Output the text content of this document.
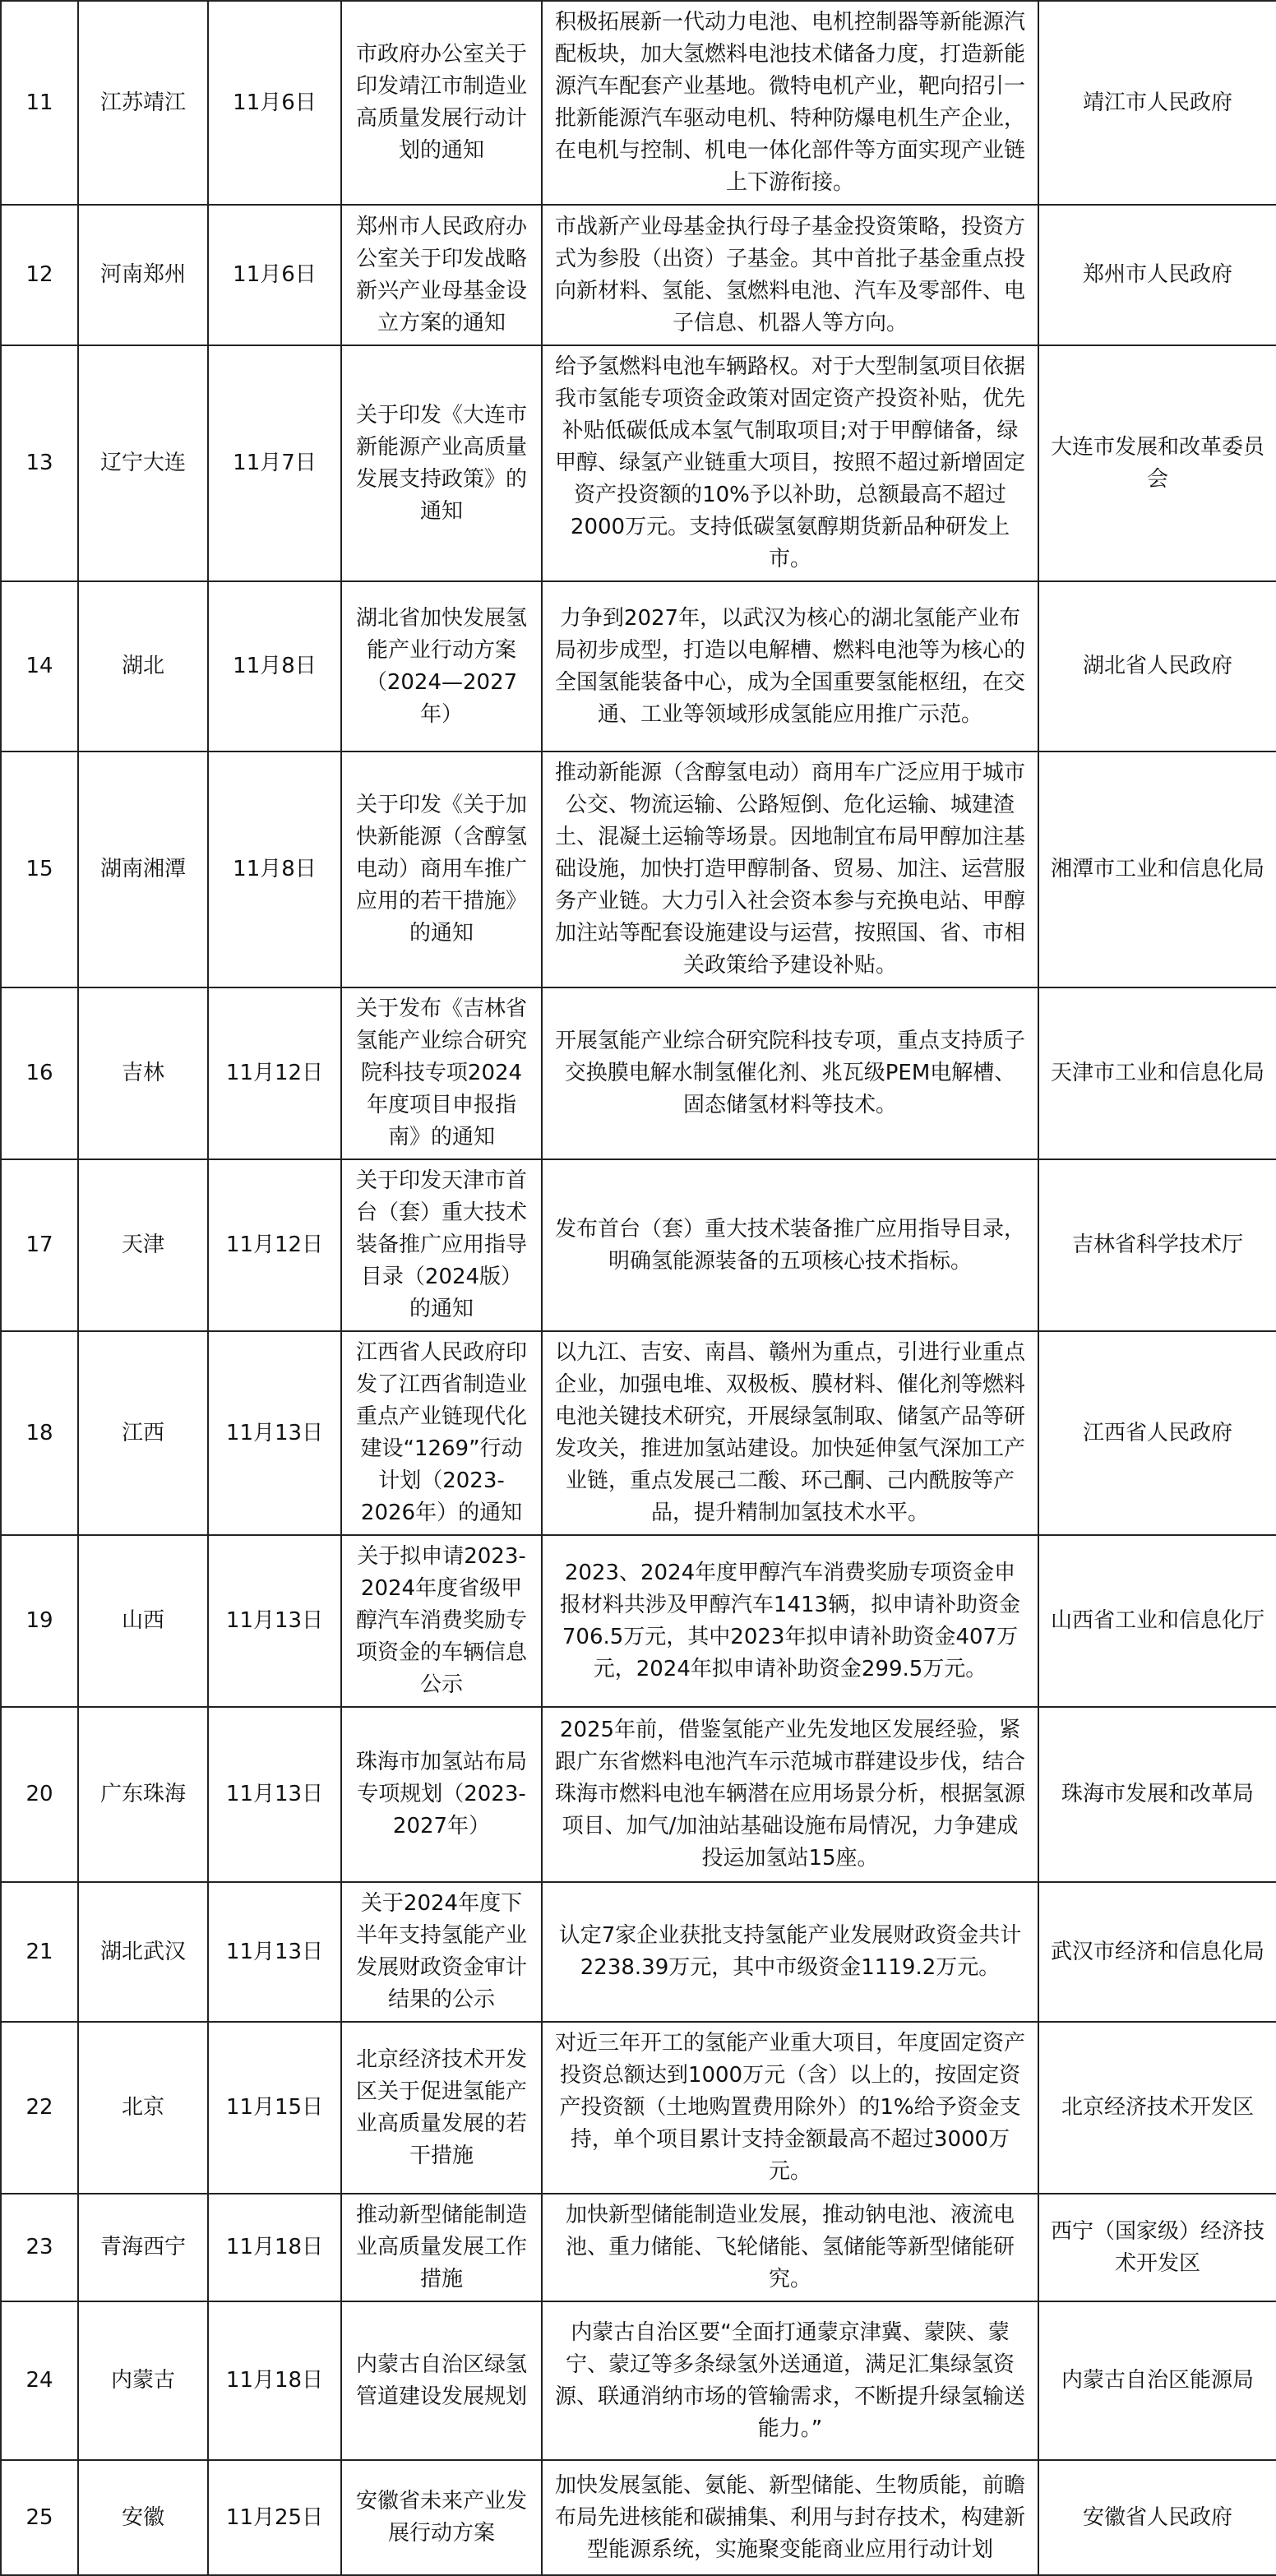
11	江苏靖江	11月6日	市政府办公室关于印发靖江市制造业高质量发展行动计划的通知	积极拓展新一代动力电池、电机控制器等新能源汽配板块，加大氢燃料电池技术储备力度，打造新能源汽车配套产业基地。微特电机产业，靶向招引一批新能源汽车驱动电机、特种防爆电机生产企业，在电机与控制、机电一体化部件等方面实现产业链上下游衔接。	靖江市人民政府
12	河南郑州	11月6日	郑州市人民政府办公室关于印发战略新兴产业母基金设立方案的通知	市战新产业母基金执行母子基金投资策略，投资方式为参股（出资）子基金。其中首批子基金重点投向新材料、氢能、氢燃料电池、汽车及零部件、电子信息、机器人等方向。	郑州市人民政府
13	辽宁大连	11月7日	关于印发《大连市新能源产业高质量发展支持政策》的通知	给予氢燃料电池车辆路权。对于大型制氢项目依据我市氢能专项资金政策对固定资产投资补贴，优先补贴低碳低成本氢气制取项目;对于甲醇储备，绿甲醇、绿氢产业链重大项目，按照不超过新增固定资产投资额的10%予以补助，总额最高不超过2000万元。支持低碳氢氨醇期货新品种研发上市。	大连市发展和改革委员会
14	湖北	11月8日	湖北省加快发展氢能产业行动方案（2024—2027年）	力争到2027年，以武汉为核心的湖北氢能产业布局初步成型，打造以电解槽、燃料电池等为核心的全国氢能装备中心，成为全国重要氢能枢纽，在交通、工业等领域形成氢能应用推广示范。	湖北省人民政府
15	湖南湘潭	11月8日	关于印发《关于加快新能源（含醇氢电动）商用车推广应用的若干措施》的通知	推动新能源（含醇氢电动）商用车广泛应用于城市公交、物流运输、公路短倒、危化运输、城建渣土、混凝土运输等场景。因地制宜布局甲醇加注基础设施，加快打造甲醇制备、贸易、加注、运营服务产业链。大力引入社会资本参与充换电站、甲醇加注站等配套设施建设与运营，按照国、省、市相关政策给予建设补贴。	湘潭市工业和信息化局
16	吉林	11月12日	关于发布《吉林省氢能产业综合研究院科技专项2024年度项目申报指南》的通知	开展氢能产业综合研究院科技专项，重点支持质子交换膜电解水制氢催化剂、兆瓦级PEM电解槽、固态储氢材料等技术。	天津市工业和信息化局
17	天津	11月12日	关于印发天津市首台（套）重大技术装备推广应用指导目录（2024版）的通知	发布首台（套）重大技术装备推广应用指导目录，明确氢能源装备的五项核心技术指标。	吉林省科学技术厅
18	江西	11月13日	江西省人民政府印发了江西省制造业重点产业链现代化建设“1269”行动计划（2023-2026年）的通知	以九江、吉安、南昌、赣州为重点，引进行业重点企业，加强电堆、双极板、膜材料、催化剂等燃料电池关键技术研究，开展绿氢制取、储氢产品等研发攻关，推进加氢站建设。加快延伸氢气深加工产业链，重点发展己二酸、环己酮、己内酰胺等产品，提升精制加氢技术水平。	江西省人民政府
19	山西	11月13日	关于拟申请2023-2024年度省级甲醇汽车消费奖励专项资金的车辆信息公示	2023、2024年度甲醇汽车消费奖励专项资金申报材料共涉及甲醇汽车1413辆，拟申请补助资金706.5万元，其中2023年拟申请补助资金407万元，2024年拟申请补助资金299.5万元。	山西省工业和信息化厅
20	广东珠海	11月13日	珠海市加氢站布局专项规划（2023-2027年）	2025年前，借鉴氢能产业先发地区发展经验，紧跟广东省燃料电池汽车示范城市群建设步伐，结合珠海市燃料电池车辆潜在应用场景分析，根据氢源项目、加气/加油站基础设施布局情况，力争建成投运加氢站15座。	珠海市发展和改革局
21	湖北武汉	11月13日	关于2024年度下半年支持氢能产业发展财政资金审计结果的公示	认定7家企业获批支持氢能产业发展财政资金共计2238.39万元，其中市级资金1119.2万元。	武汉市经济和信息化局
22	北京	11月15日	北京经济技术开发区关于促进氢能产业高质量发展的若干措施	对近三年开工的氢能产业重大项目，年度固定资产投资总额达到1000万元（含）以上的，按固定资产投资额（土地购置费用除外）的1%给予资金支持，单个项目累计支持金额最高不超过3000万元。	北京经济技术开发区
23	青海西宁	11月18日	推动新型储能制造业高质量发展工作措施	加快新型储能制造业发展，推动钠电池、液流电池、重力储能、飞轮储能、氢储能等新型储能研究。	西宁（国家级）经济技术开发区
24	内蒙古	11月18日	内蒙古自治区绿氢管道建设发展规划	内蒙古自治区要“全面打通蒙京津冀、蒙陕、蒙宁、蒙辽等多条绿氢外送通道，满足汇集绿氢资源、联通消纳市场的管输需求，不断提升绿氢输送能力。”	内蒙古自治区能源局
25	安徽	11月25日	安徽省未来产业发展行动方案	加快发展氢能、氨能、新型储能、生物质能，前瞻布局先进核能和碳捕集、利用与封存技术，构建新型能源系统，实施聚变能商业应用行动计划	安徽省人民政府
